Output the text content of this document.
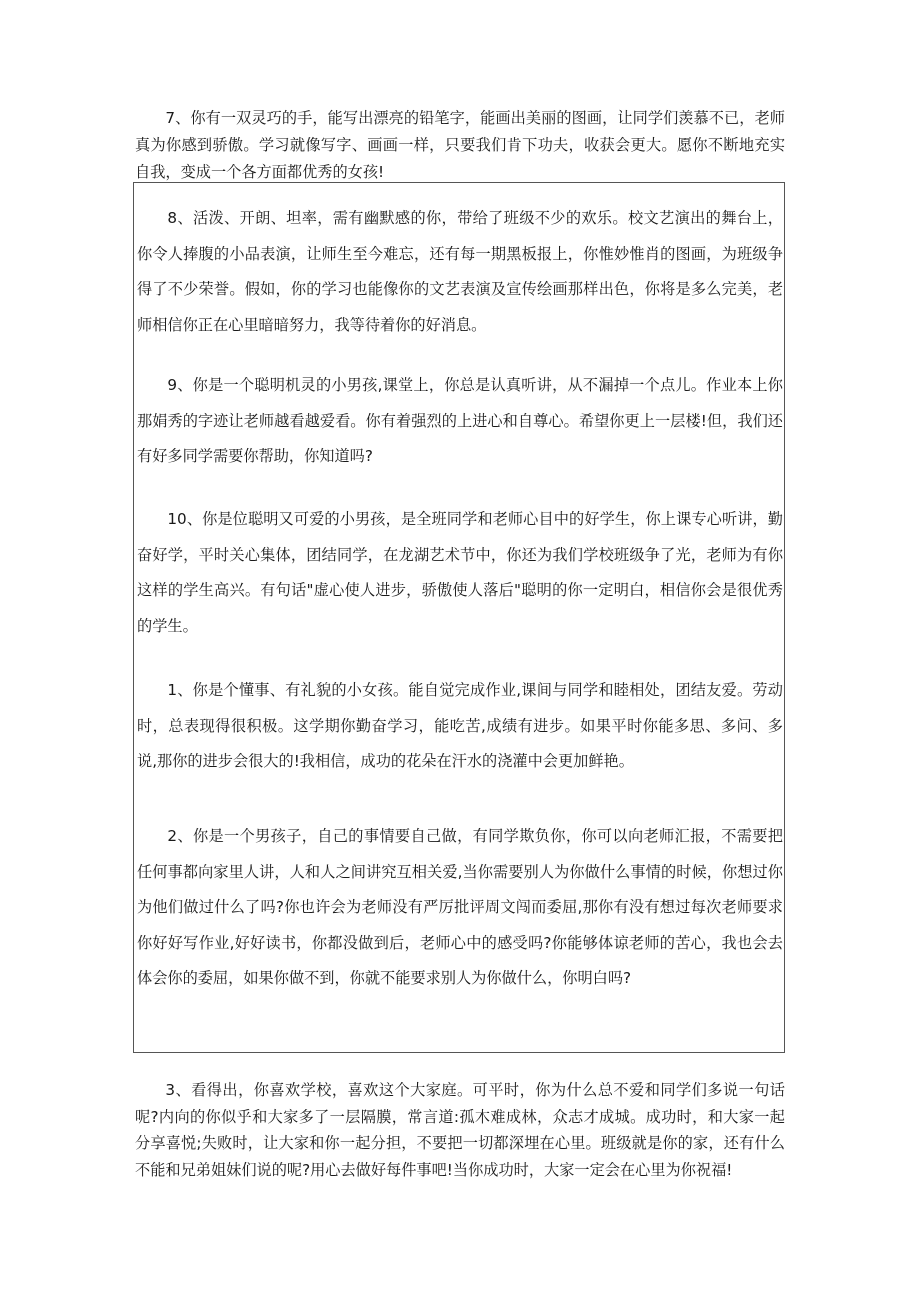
7、你有一双灵巧的手，能写出漂亮的铅笔字，能画出美丽的图画，让同学们羡慕不已，老师真为你感到骄傲。学习就像写字、画画一样，只要我们肯下功夫，收获会更大。愿你不断地充实自我，变成一个各方面都优秀的女孩!

8、活泼、开朗、坦率，需有幽默感的你，带给了班级不少的欢乐。校文艺演出的舞台上，你令人捧腹的小品表演，让师生至今难忘，还有每一期黑板报上，你惟妙惟肖的图画，为班级争得了不少荣誉。假如，你的学习也能像你的文艺表演及宣传绘画那样出色，你将是多么完美，老师相信你正在心里暗暗努力，我等待着你的好消息。

9、你是一个聪明机灵的小男孩,课堂上，你总是认真听讲，从不漏掉一个点儿。作业本上你那娟秀的字迹让老师越看越爱看。你有着强烈的上进心和自尊心。希望你更上一层楼!但，我们还有好多同学需要你帮助，你知道吗?

10、你是位聪明又可爱的小男孩，是全班同学和老师心目中的好学生，你上课专心听讲，勤奋好学，平时关心集体，团结同学，在龙湖艺术节中，你还为我们学校班级争了光，老师为有你这样的学生高兴。有句话"虚心使人进步，骄傲使人落后"聪明的你一定明白，相信你会是很优秀的学生。

1、你是个懂事、有礼貌的小女孩。能自觉完成作业,课间与同学和睦相处，团结友爱。劳动时，总表现得很积极。这学期你勤奋学习，能吃苦,成绩有进步。如果平时你能多思、多问、多说,那你的进步会很大的!我相信，成功的花朵在汗水的浇灌中会更加鲜艳。

2、你是一个男孩子，自己的事情要自己做，有同学欺负你，你可以向老师汇报，不需要把任何事都向家里人讲，人和人之间讲究互相关爱,当你需要别人为你做什么事情的时候，你想过你为他们做过什么了吗?你也许会为老师没有严厉批评周文闯而委屈,那你有没有想过每次老师要求你好好写作业,好好读书，你都没做到后，老师心中的感受吗?你能够体谅老师的苦心，我也会去体会你的委屈，如果你做不到，你就不能要求别人为你做什么，你明白吗?

3、看得出，你喜欢学校，喜欢这个大家庭。可平时，你为什么总不爱和同学们多说一句话呢?内向的你似乎和大家多了一层隔膜，常言道:孤木难成林，众志才成城。成功时，和大家一起分享喜悦;失败时，让大家和你一起分担，不要把一切都深埋在心里。班级就是你的家，还有什么不能和兄弟姐妹们说的呢?用心去做好每件事吧!当你成功时，大家一定会在心里为你祝福!
